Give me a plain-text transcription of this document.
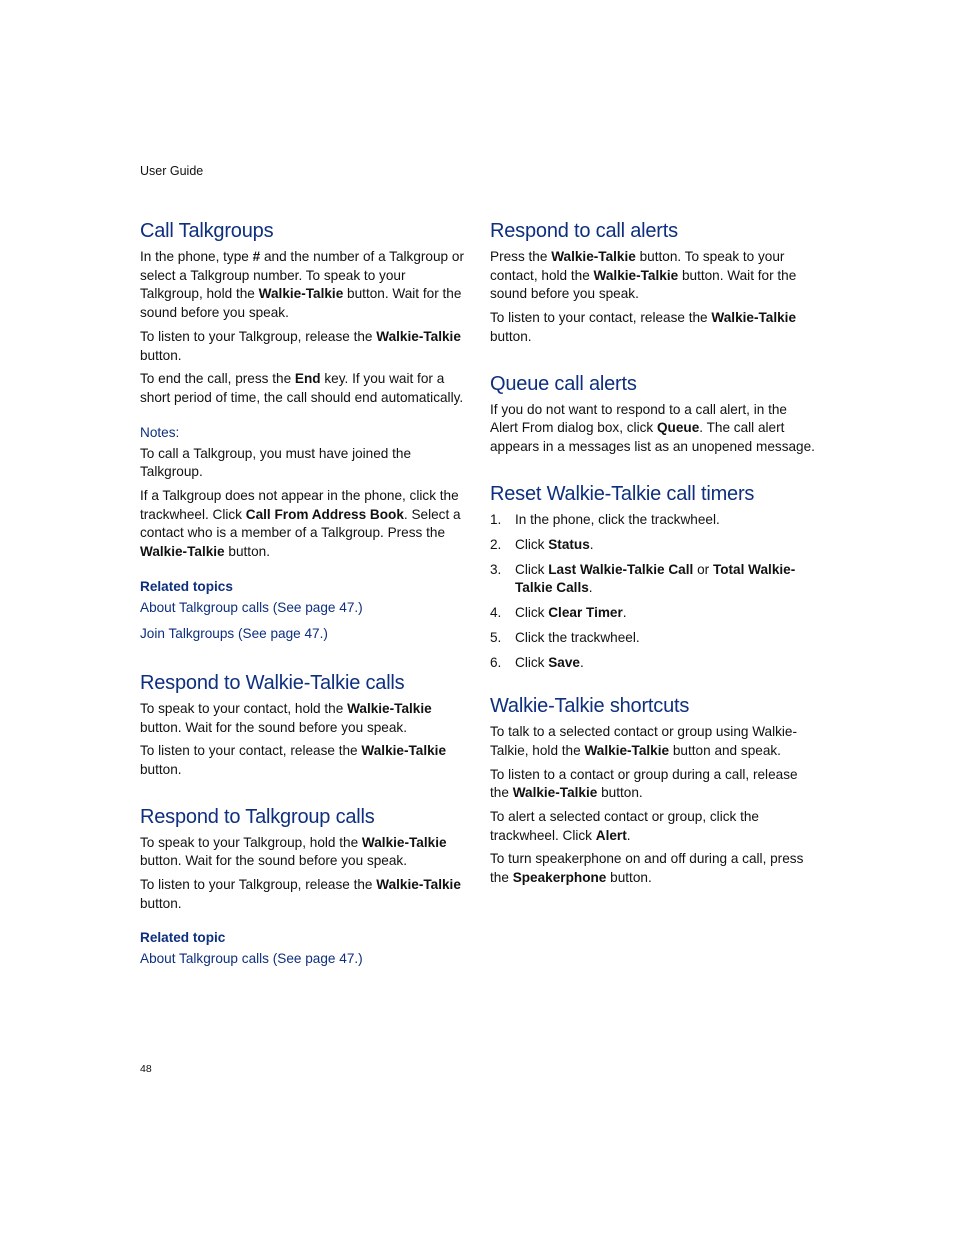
User Guide
Call Talkgroups

In the phone, type # and the number of a Talkgroup or select a Talkgroup number. To speak to your Talkgroup, hold the Walkie-Talkie button. Wait for the sound before you speak.

To listen to your Talkgroup, release the Walkie-Talkie button.

To end the call, press the End key. If you wait for a short period of time, the call should end automatically.

Notes:

To call a Talkgroup, you must have joined the Talkgroup.

If a Talkgroup does not appear in the phone, click the trackwheel. Click Call From Address Book. Select a contact who is a member of a Talkgroup. Press the Walkie-Talkie button.

Related topics
About Talkgroup calls (See page 47.)
Join Talkgroups (See page 47.)
Respond to Walkie-Talkie calls

To speak to your contact, hold the Walkie-Talkie button. Wait for the sound before you speak.

To listen to your contact, release the Walkie-Talkie button.

Respond to Talkgroup calls

To speak to your Talkgroup, hold the Walkie-Talkie button. Wait for the sound before you speak.

To listen to your Talkgroup, release the Walkie-Talkie button.

Related topic
About Talkgroup calls (See page 47.)
Respond to call alerts

Press the Walkie-Talkie button. To speak to your contact, hold the Walkie-Talkie button. Wait for the sound before you speak.

To listen to your contact, release the Walkie-Talkie button.

Queue call alerts

If you do not want to respond to a call alert, in the Alert From dialog box, click Queue. The call alert appears in a messages list as an unopened message.

Reset Walkie-Talkie call timers
1. In the phone, click the trackwheel.
2. Click Status.
3. Click Last Walkie-Talkie Call or Total Walkie-Talkie Calls.
4. Click Clear Timer.
5. Click the trackwheel.
6. Click Save.
Walkie-Talkie shortcuts

To talk to a selected contact or group using Walkie-Talkie, hold the Walkie-Talkie button and speak.

To listen to a contact or group during a call, release the Walkie-Talkie button.

To alert a selected contact or group, click the trackwheel. Click Alert.

To turn speakerphone on and off during a call, press the Speakerphone button.

48
